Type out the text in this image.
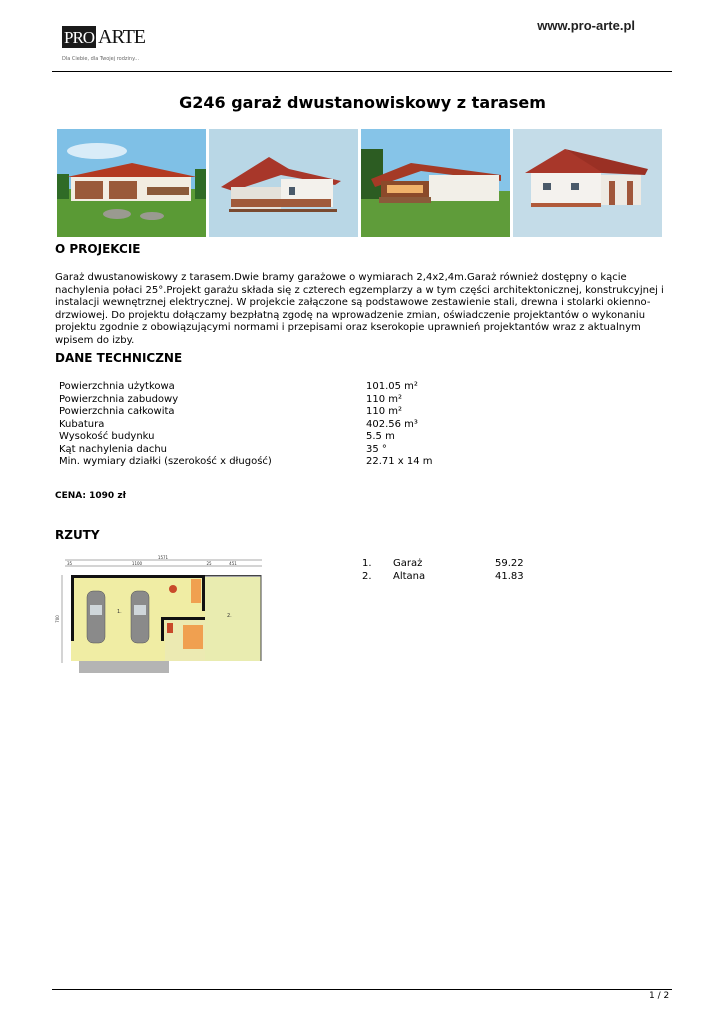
PRO ARTE
Dla Ciebie, dla Twojej rodziny...
www.pro-arte.pl
G246 garaż dwustanowiskowy z tarasem
O PROJEKCIE
Garaż dwustanowiskowy z tarasem.Dwie bramy garażowe o wymiarach 2,4x2,4m.Garaż również dostępny o kącie nachylenia połaci 25°.Projekt garażu składa się z czterech egzemplarzy a w tym części architektonicznej, konstrukcyjnej i instalacji wewnętrznej elektrycznej. W projekcie załączone są podstawowe zestawienie stali, drewna i stolarki okienno-drzwiowej. Do projektu dołączamy bezpłatną zgodę na wprowadzenie zmian, oświadczenie projektantów o wykonaniu projektu zgodnie z obowiązującymi normami i przepisami oraz kserokopie uprawnień projektantów wraz z aktualnym wpisem do izby.
DANE TECHNICZNE
Powierzchnia użytkowa	101.05 m²
Powierzchnia zabudowy	110 m²
Powierzchnia całkowita	110 m²
Kubatura	402.56 m³
Wysokość budynku	5.5 m
Kąt nachylenia dachu	35 °
Min. wymiary działki (szerokość x długość)	22.71 x 14 m
CENA: 1090 zł
RZUTY
1571
35	1100	25	451
700
1.
2.
1. Garaż	59.22
2. Altana	41.83
1 / 2
